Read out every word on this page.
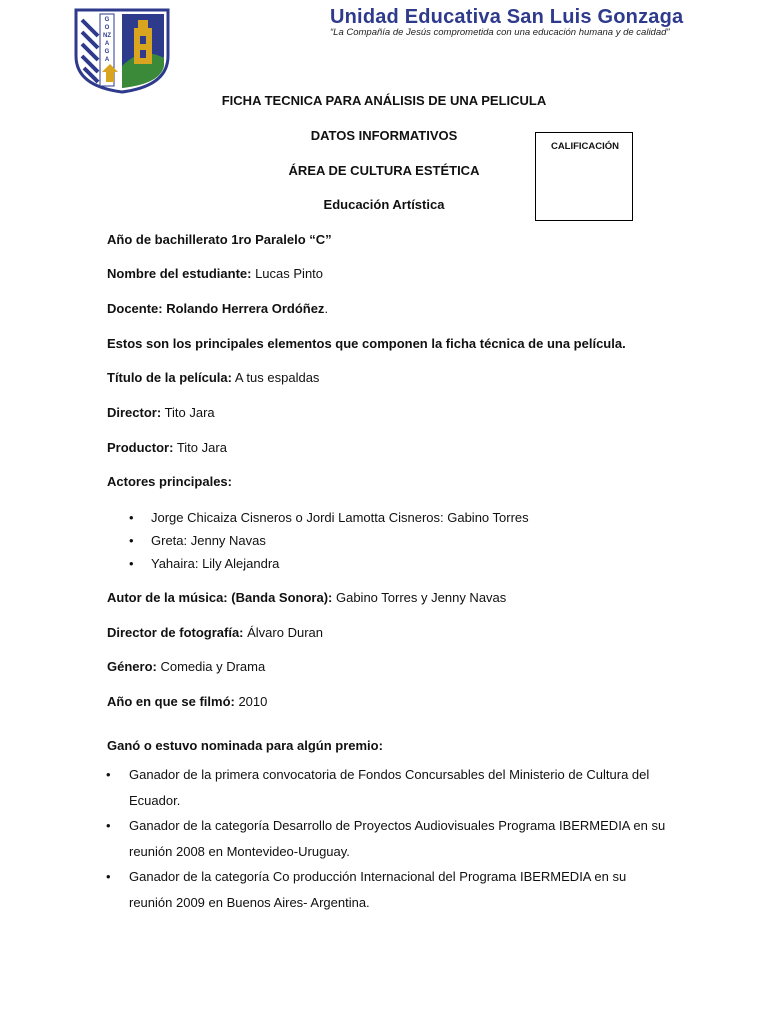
GONZAGA
Unidad Educativa San Luis Gonzaga
“La Compañía de Jesús comprometida con una educación humana y de calidad”
FICHA TECNICA PARA ANÁLISIS DE UNA PELICULA
DATOS INFORMATIVOS
ÁREA DE CULTURA ESTÉTICA
Educación Artística
CALIFICACIÓN
Año de bachillerato 1ro Paralelo “C”
Nombre del estudiante: Lucas Pinto
Docente: Rolando Herrera Ordóñez.
Estos son los principales elementos que componen la ficha técnica de una película.
Título de la película: A tus espaldas
Director: Tito Jara
Productor: Tito Jara
Actores principales:
• Jorge Chicaiza Cisneros o Jordi Lamotta Cisneros: Gabino Torres
• Greta: Jenny Navas
• Yahaira: Lily Alejandra
Autor de la música: (Banda Sonora): Gabino Torres y Jenny Navas
Director de fotografía: Álvaro Duran
Género: Comedia y Drama
Año en que se filmó: 2010
Ganó o estuvo nominada para algún premio:
• Ganador de la primera convocatoria de Fondos Concursables del Ministerio de Cultura del Ecuador.
• Ganador de la categoría Desarrollo de Proyectos Audiovisuales Programa IBERMEDIA en su reunión 2008 en Montevideo-Uruguay.
• Ganador de la categoría Co producción Internacional del Programa IBERMEDIA en su reunión 2009 en Buenos Aires- Argentina.
